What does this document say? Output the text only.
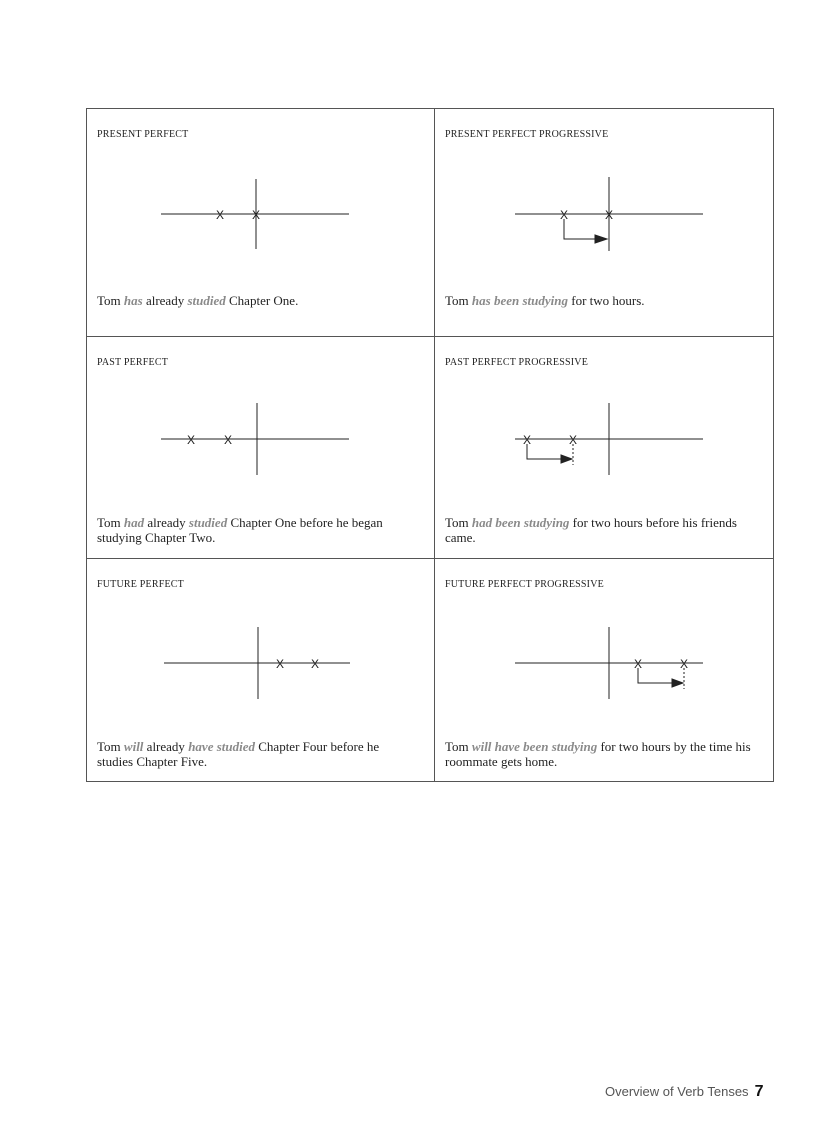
PRESENT PERFECT
X X
Tom has already studied Chapter One.
PRESENT PERFECT PROGRESSIVE
X	X
Tom has been studying for two hours.
PAST PERFECT
X X
Tom had already studied Chapter One before he began studying Chapter Two.
PAST PERFECT PROGRESSIVE
X	X
Tom had been studying for two hours before his friends came.
FUTURE PERFECT
X X
Tom will already have studied Chapter Four before he studies Chapter Five.
FUTURE PERFECT PROGRESSIVE
X	X
Tom will have been studying for two hours by the time his roommate gets home.
Overview of Verb Tenses 7
